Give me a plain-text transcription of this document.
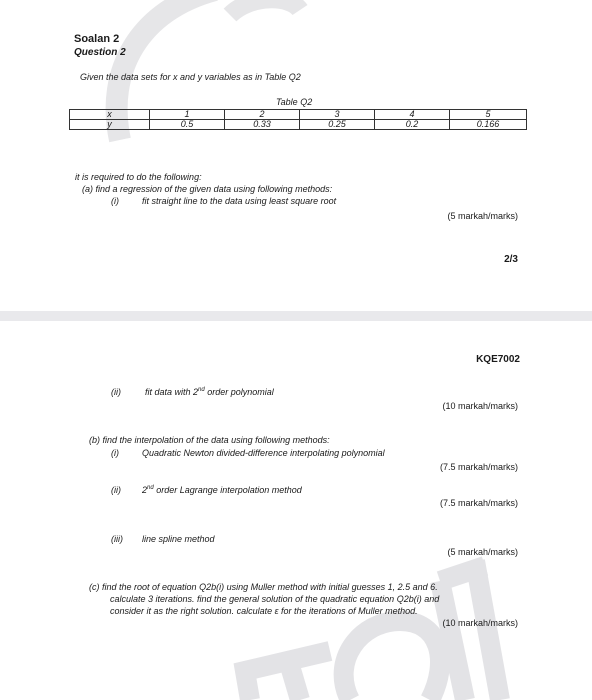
Soalan 2
Question 2
Given the data sets for x and y variables as in Table Q2
Table Q2
x	1	2	3	4	5
y	0.5	0.33	0.25	0.2	0.166
it is required to do the following:
(a) find a regression of the given data using following methods:
(i)	fit straight line to the data using least square root
(5 markah/marks)
2/3
KQE7002
(ii)	fit data with 2nd order polynomial
(10 markah/marks)
(b) find the interpolation of the data using following methods:
(i)	Quadratic Newton divided-difference interpolating polynomial
(7.5 markah/marks)
(ii) 2nd order Lagrange interpolation method
(7.5 markah/marks)
(iii) line spline method
(5 markah/marks)
(c) find the root of equation Q2b(i) using Muller method with initial guesses 1, 2.5 and 6.
calculate 3 iterations. find the general solution of the quadratic equation Q2b(i) and
consider it as the right solution. calculate ε for the iterations of Muller method.
(10 markah/marks)
